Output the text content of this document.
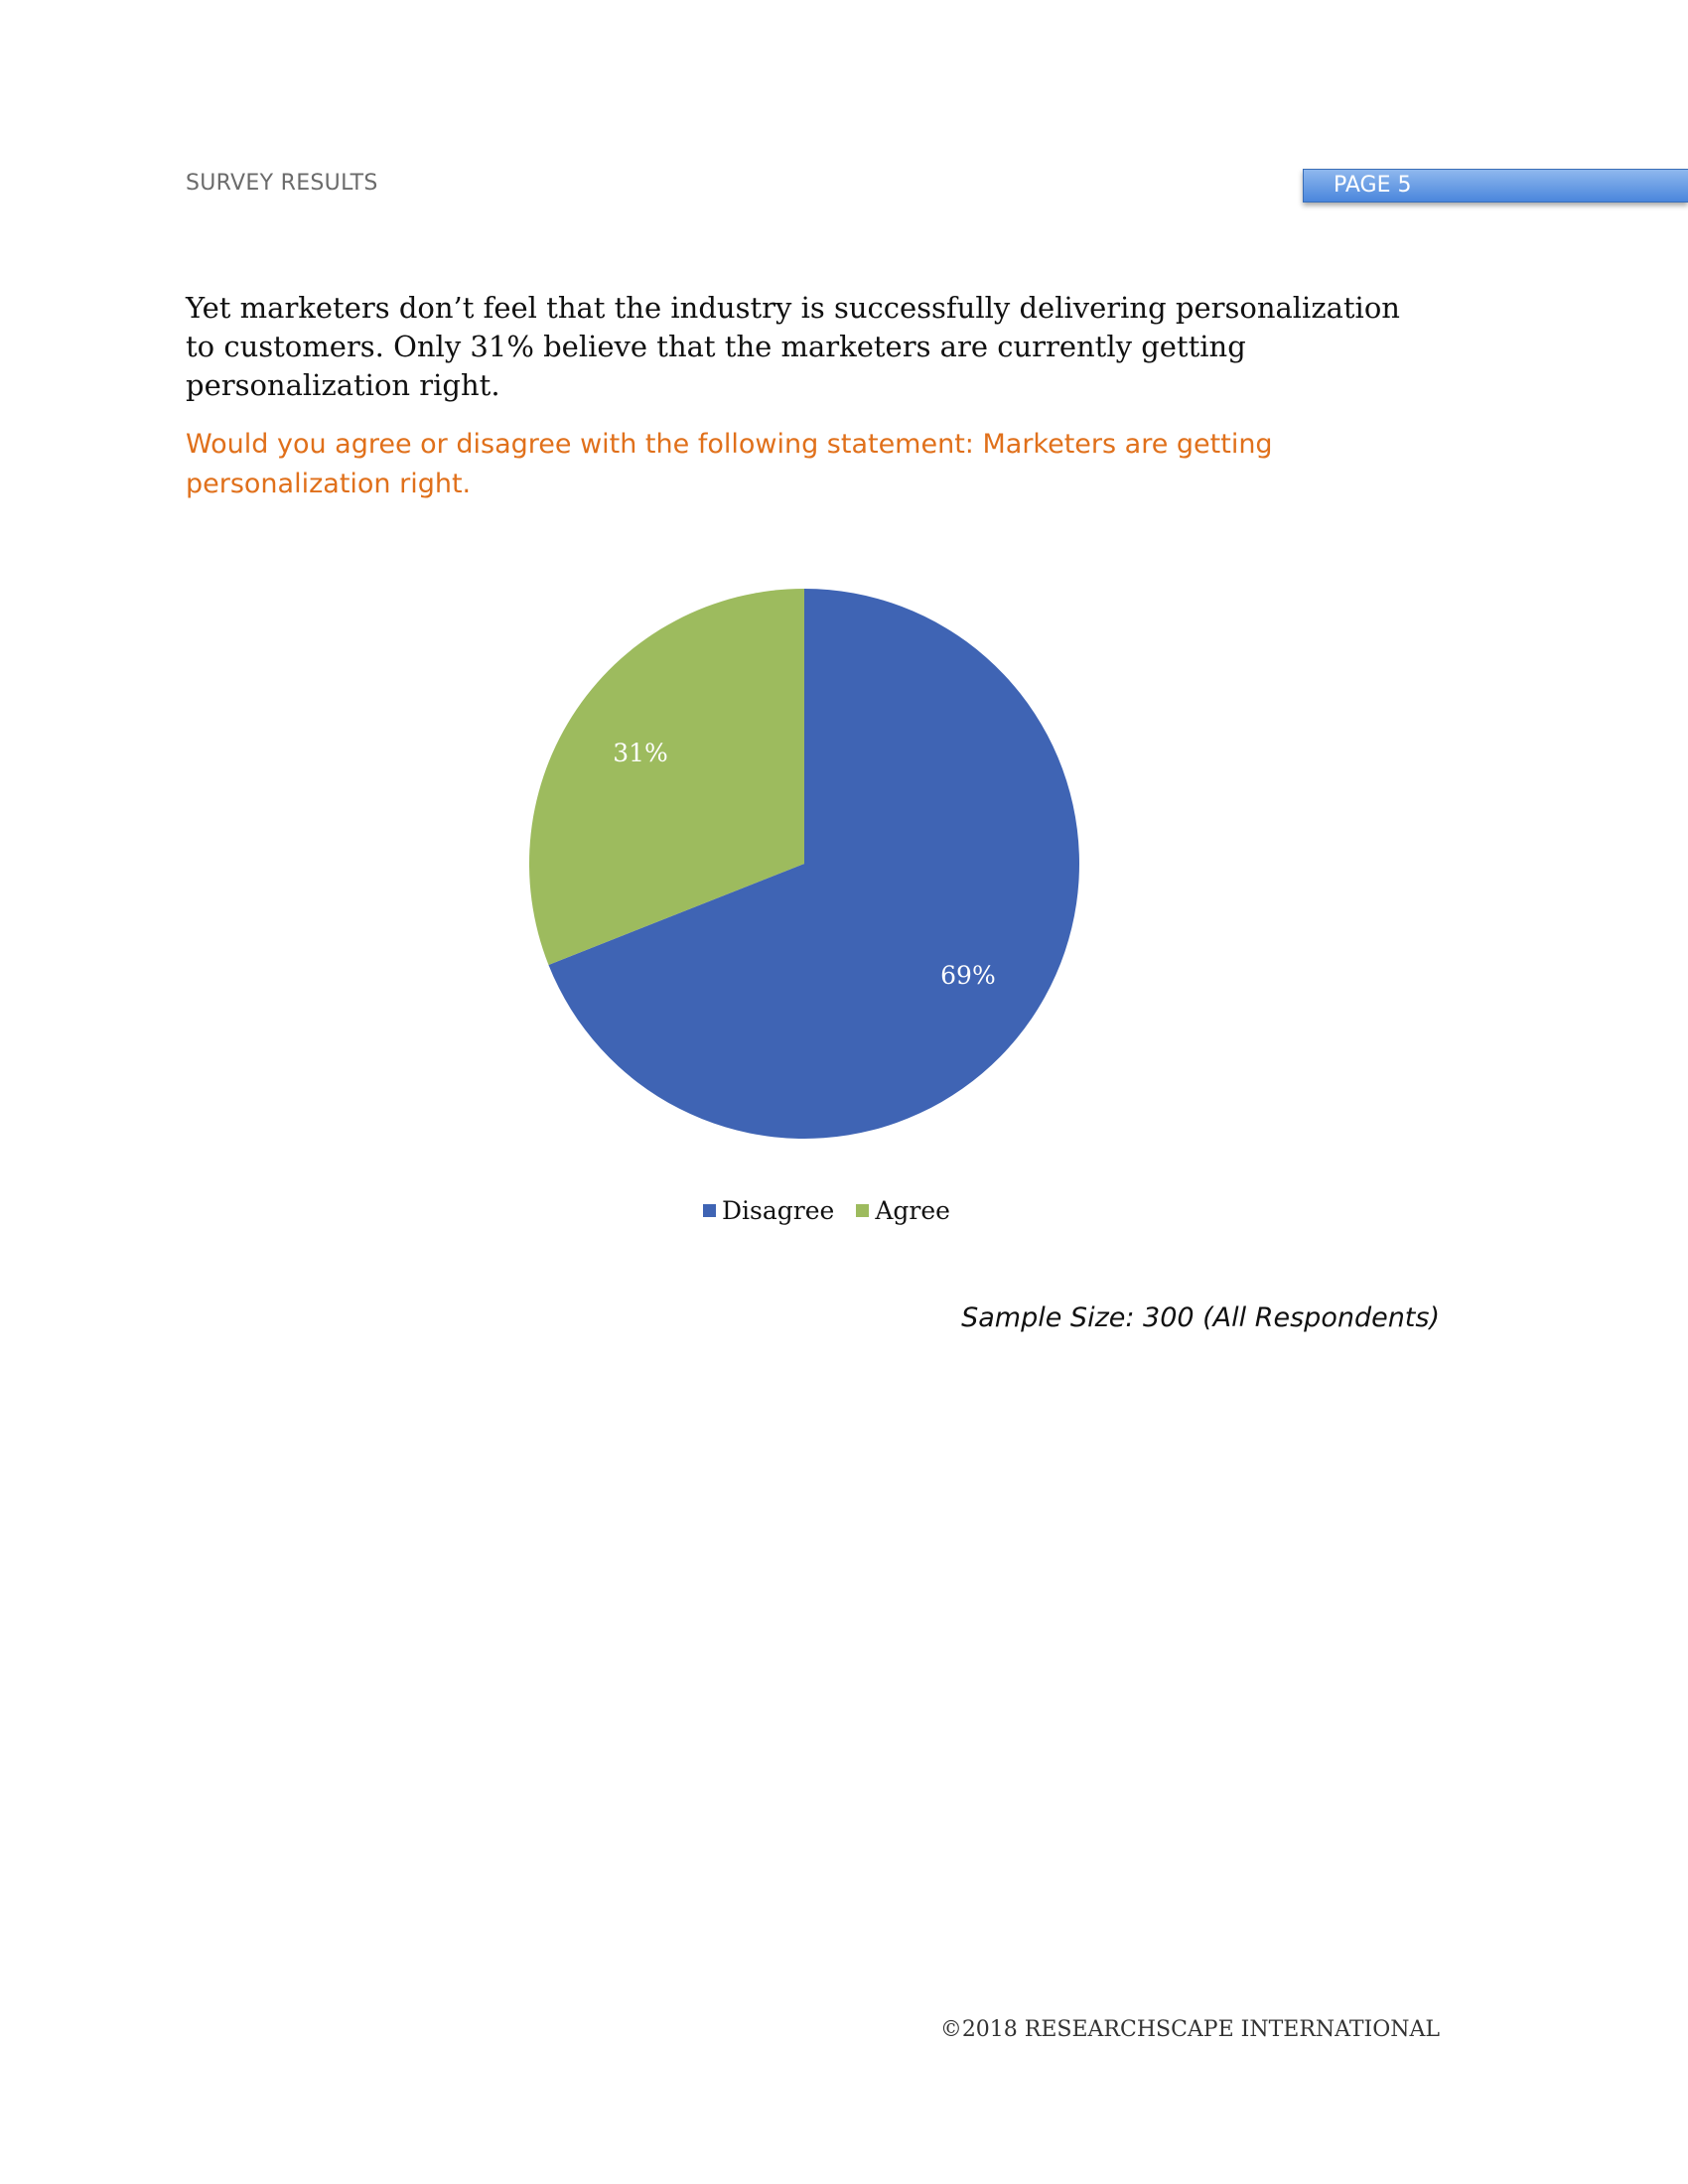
SURVEY RESULTS	PAGE 5

Yet marketers don’t feel that the industry is successfully delivering personalization to customers. Only 31% believe that the marketers are currently getting personalization right.

Would you agree or disagree with the following statement: Marketers are getting personalization right.

69%
31%
Disagree Agree
Sample Size: 300 (All Respondents)
©2018 RESEARCHSCAPE INTERNATIONAL
